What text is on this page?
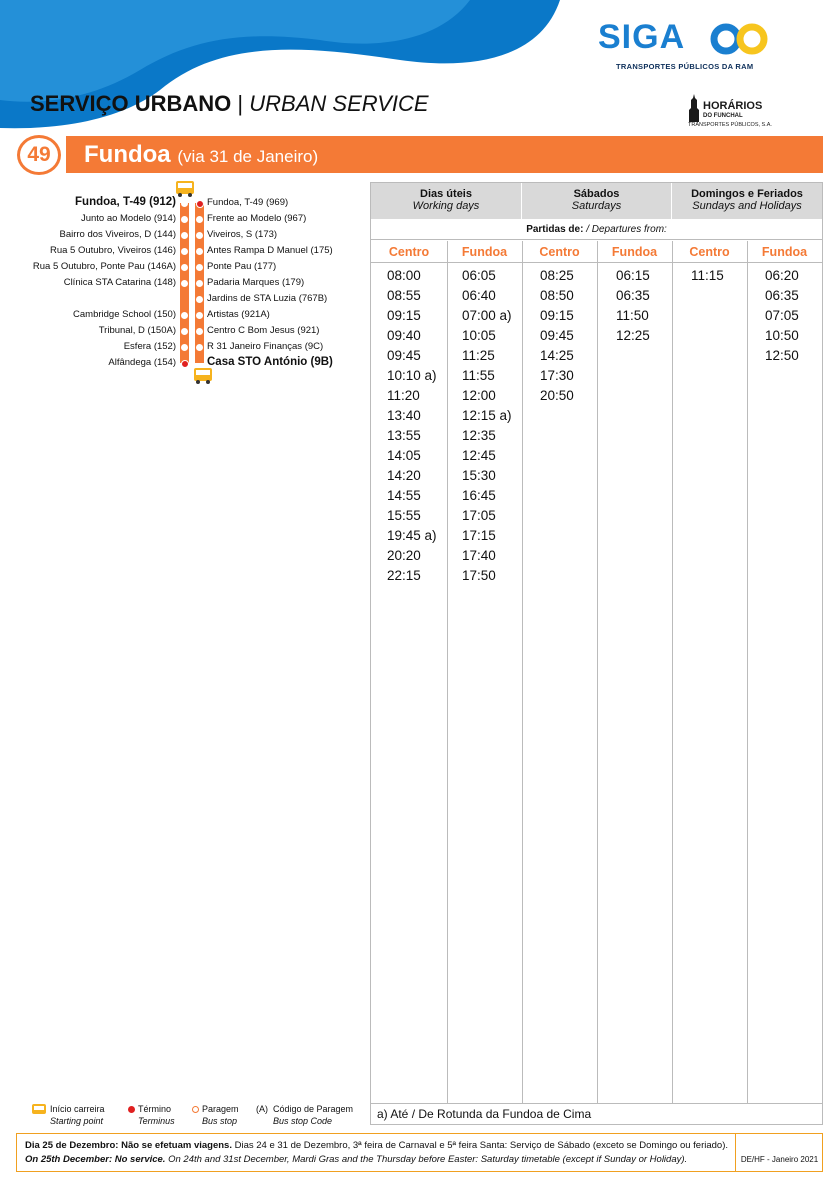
SIGA
TRANSPORTES PÚBLICOS DA RAM
HORÁRIOS
DO FUNCHAL
TRANSPORTES PÚBLICOS, S.A.
SERVIÇO URBANO | URBAN SERVICE
49	Fundoa (via 31 de Janeiro)
Fundoa, T-49 (912)
Junto ao Modelo (914)
Bairro dos Viveiros, D (144)
Rua 5 Outubro, Viveiros (146)
Rua 5 Outubro, Ponte Pau (146A)
Clínica STA Catarina (148)
Cambridge School (150)
Tribunal, D (150A)
Esfera (152)
Alfândega (154)
Fundoa, T-49 (969)
Frente ao Modelo (967)
Viveiros, S (173)
Antes Rampa D Manuel (175)
Ponte Pau (177)
Padaria Marques (179)
Jardins de STA Luzia (767B)
Artistas (921A)
Centro C Bom Jesus (921)
R 31 Janeiro Finanças (9C)
Casa STO António (9B)
Dias úteis
Working days
Sábados
Saturdays
Domingos e Feriados
Sundays and Holidays
Partidas de: / Departures from:
Centro
08:00
08:55
09:15
09:40
09:45
10:10 a)
11:20
13:40
13:55
14:05
14:20
14:55
15:55
19:45 a)
20:20
22:15
Fundoa
06:05
06:40
07:00 a)
10:05
11:25
11:55
12:00
12:15 a)
12:35
12:45
15:30
16:45
17:05
17:15
17:40
17:50
Centro
08:25
08:50
09:15
09:45
14:25
17:30
20:50
Fundoa
06:15
06:35
11:50
12:25
Centro
11:15
Fundoa
06:20
06:35
07:05
10:50
12:50
a) Até / De Rotunda da Fundoa de Cima
Início carreira
Starting point
Término
Terminus
Paragem
Bus stop
(A) Código de Paragem
Bus stop Code
Dia 25 de Dezembro: Não se efetuam viagens. Dias 24 e 31 de Dezembro, 3ª feira de Carnaval e 5ª feira Santa: Serviço de Sábado (exceto se Domingo ou feriado).
On 25th December: No service. On 24th and 31st December, Mardi Gras and the Thursday before Easter: Saturday timetable (except if Sunday or Holiday).	DE/HF - Janeiro 2021
